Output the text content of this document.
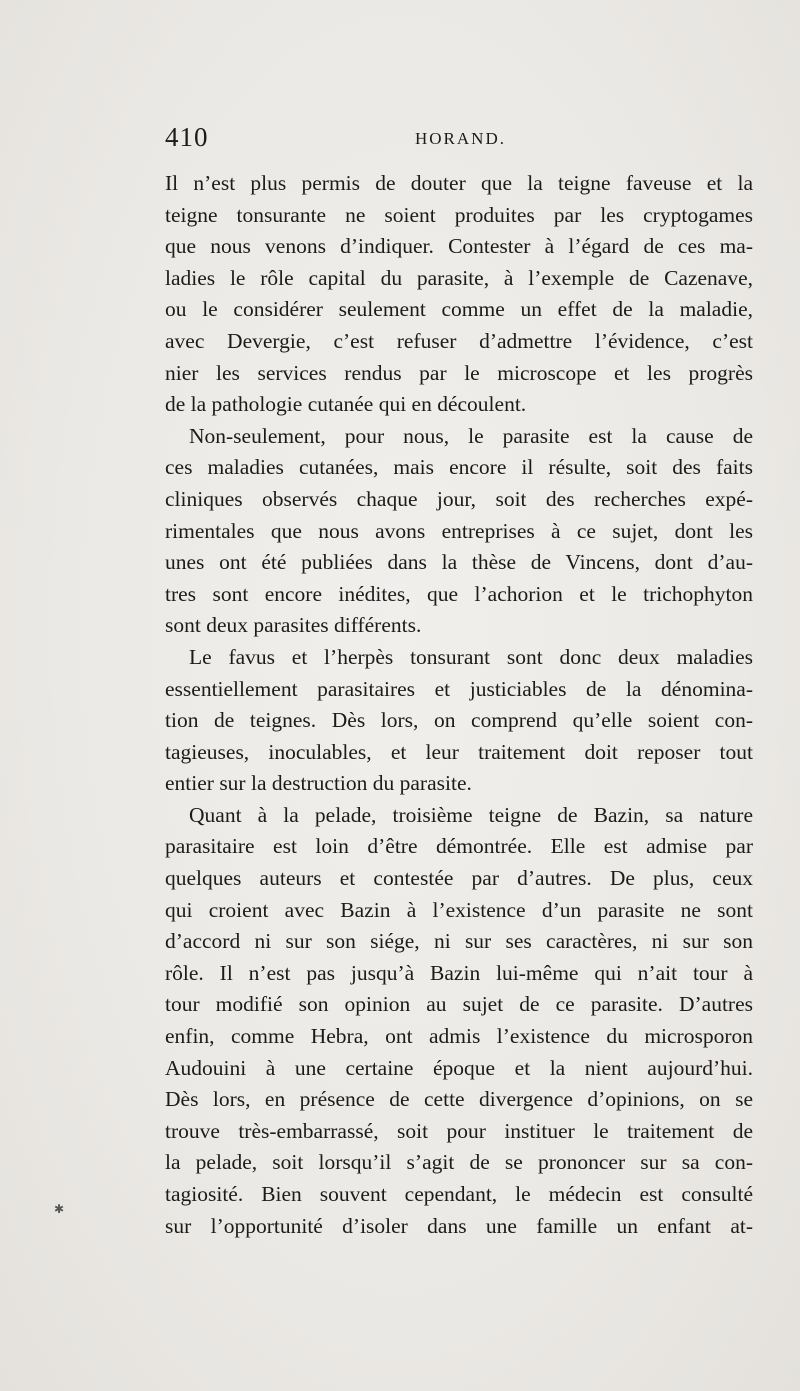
410	HORAND.
Il n’est plus permis de douter que la teigne faveuse et la
teigne tonsurante ne soient produites par les cryptogames
que nous venons d’indiquer. Contester à l’égard de ces ma-
ladies le rôle capital du parasite, à l’exemple de Cazenave,
ou le considérer seulement comme un effet de la maladie,
avec Devergie, c’est refuser d’admettre l’évidence, c’est
nier les services rendus par le microscope et les progrès
de la pathologie cutanée qui en découlent.
Non-seulement, pour nous, le parasite est la cause de
ces maladies cutanées, mais encore il résulte, soit des faits
cliniques observés chaque jour, soit des recherches expé-
rimentales que nous avons entreprises à ce sujet, dont les
unes ont été publiées dans la thèse de Vincens, dont d’au-
tres sont encore inédites, que l’achorion et le trichophyton
sont deux parasites différents.
Le favus et l’herpès tonsurant sont donc deux maladies
essentiellement parasitaires et justiciables de la dénomina-
tion de teignes. Dès lors, on comprend qu’elle soient con-
tagieuses, inoculables, et leur traitement doit reposer tout
entier sur la destruction du parasite.
Quant à la pelade, troisième teigne de Bazin, sa nature
parasitaire est loin d’être démontrée. Elle est admise par
quelques auteurs et contestée par d’autres. De plus, ceux
qui croient avec Bazin à l’existence d’un parasite ne sont
d’accord ni sur son siége, ni sur ses caractères, ni sur son
rôle. Il n’est pas jusqu’à Bazin lui-même qui n’ait tour à
tour modifié son opinion au sujet de ce parasite. D’autres
enfin, comme Hebra, ont admis l’existence du microsporon
Audouini à une certaine époque et la nient aujourd’hui.
Dès lors, en présence de cette divergence d’opinions, on se
trouve très-embarrassé, soit pour instituer le traitement de
la pelade, soit lorsqu’il s’agit de se prononcer sur sa con-
tagiosité. Bien souvent cependant, le médecin est consulté
sur l’opportunité d’isoler dans une famille un enfant at-
✱
